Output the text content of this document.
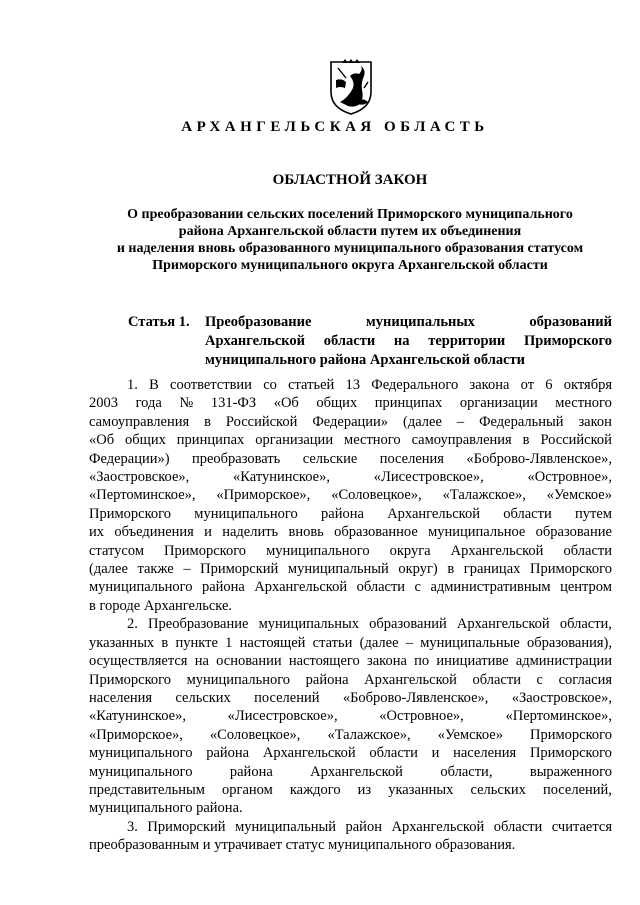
АРХАНГЕЛЬСКАЯ ОБЛАСТЬ
ОБЛАСТНОЙ ЗАКОН
О преобразовании сельских поселений Приморского муниципального
района Архангельской области путем их объединения
и наделения вновь образованного муниципального образования статусом
Приморского муниципального округа Архангельской области
Статья 1. Преобразование	муниципальных	образований
Архангельской области на территории Приморского
муниципального района Архангельской области
1. В соответствии со статьей 13 Федерального закона от 6 октября
2003 года № 131-ФЗ «Об общих принципах организации местного
самоуправления в Российской Федерации» (далее – Федеральный закон
«Об общих принципах организации местного самоуправления в Российской
Федерации») преобразовать сельские поселения «Боброво-Лявленское»,
«Заостровское»,	«Катунинское»,	«Лисестровское»,	«Островное»,
«Пертоминское», «Приморское», «Соловецкое», «Талажское», «Уемское»
Приморского муниципального района Архангельской области путем
их объединения и наделить вновь образованное муниципальное образование
статусом Приморского муниципального округа Архангельской области
(далее также – Приморский муниципальный округ) в границах Приморского
муниципального района Архангельской области с административным центром
в городе Архангельске.
2. Преобразование муниципальных образований Архангельской области,
указанных в пункте 1 настоящей статьи (далее – муниципальные образования),
осуществляется на основании настоящего закона по инициативе администрации
Приморского муниципального района Архангельской области с согласия
населения сельских поселений «Боброво-Лявленское», «Заостровское»,
«Катунинское»,	«Лисестровское»,	«Островное»,	«Пертоминское»,
«Приморское», «Соловецкое», «Талажское», «Уемское» Приморского
муниципального района Архангельской области и населения Приморского
муниципального	района	Архангельской	области,	выраженного
представительным органом каждого из указанных сельских поселений,
муниципального района.
3. Приморский муниципальный район Архангельской области считается
преобразованным и утрачивает статус муниципального образования.
